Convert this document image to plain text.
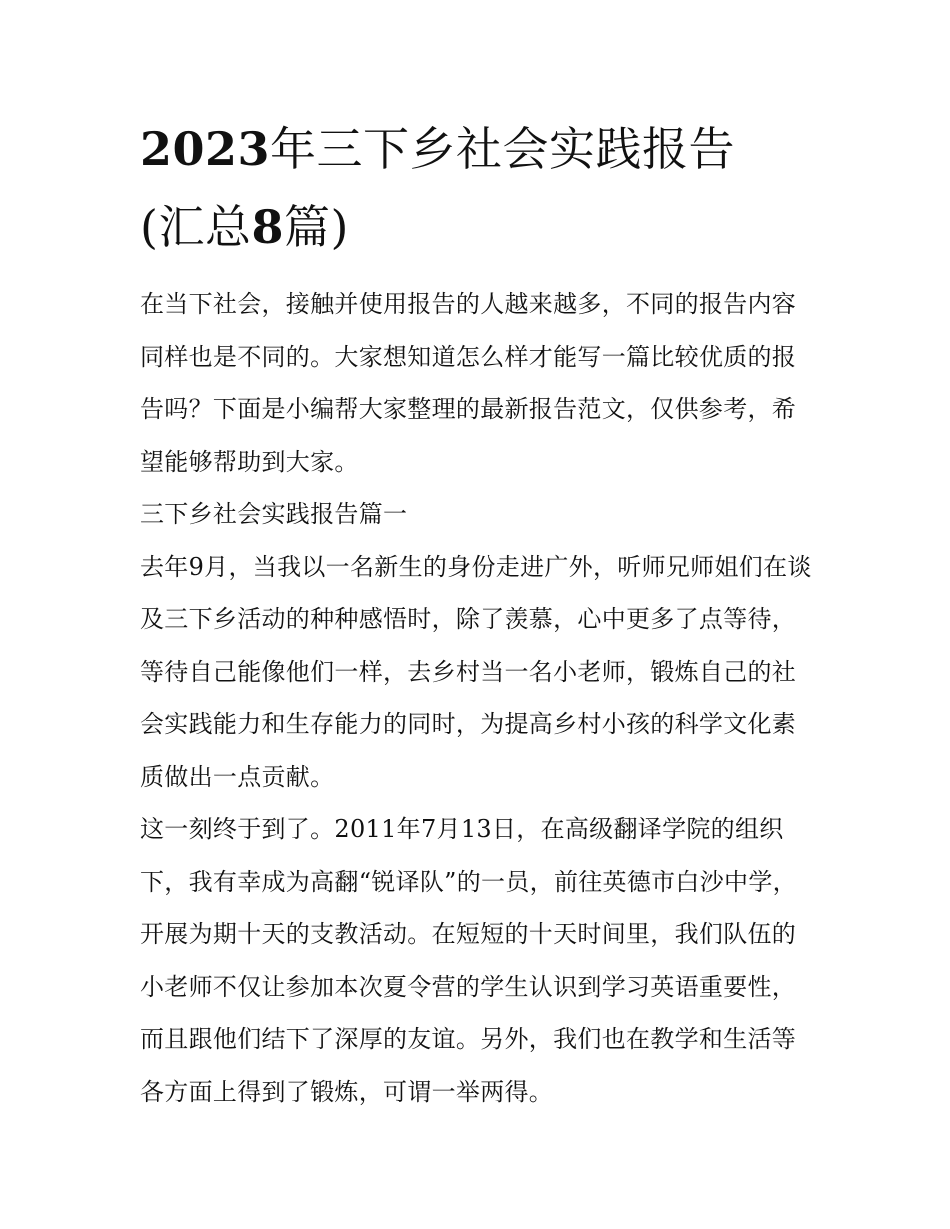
2023年三下乡社会实践报告
(汇总8篇)

在当下社会，接触并使用报告的人越来越多，不同的报告内容同样也是不同的。大家想知道怎么样才能写一篇比较优质的报告吗？下面是小编帮大家整理的最新报告范文，仅供参考，希望能够帮助到大家。

三下乡社会实践报告篇一

去年9月，当我以一名新生的身份走进广外，听师兄师姐们在谈及三下乡活动的种种感悟时，除了羡慕，心中更多了点等待，等待自己能像他们一样，去乡村当一名小老师，锻炼自己的社会实践能力和生存能力的同时，为提高乡村小孩的科学文化素质做出一点贡献。

这一刻终于到了。2011年7月13日，在高级翻译学院的组织下，我有幸成为高翻“锐译队”的一员，前往英德市白沙中学，开展为期十天的支教活动。在短短的十天时间里，我们队伍的小老师不仅让参加本次夏令营的学生认识到学习英语重要性，而且跟他们结下了深厚的友谊。另外，我们也在教学和生活等各方面上得到了锻炼，可谓一举两得。
